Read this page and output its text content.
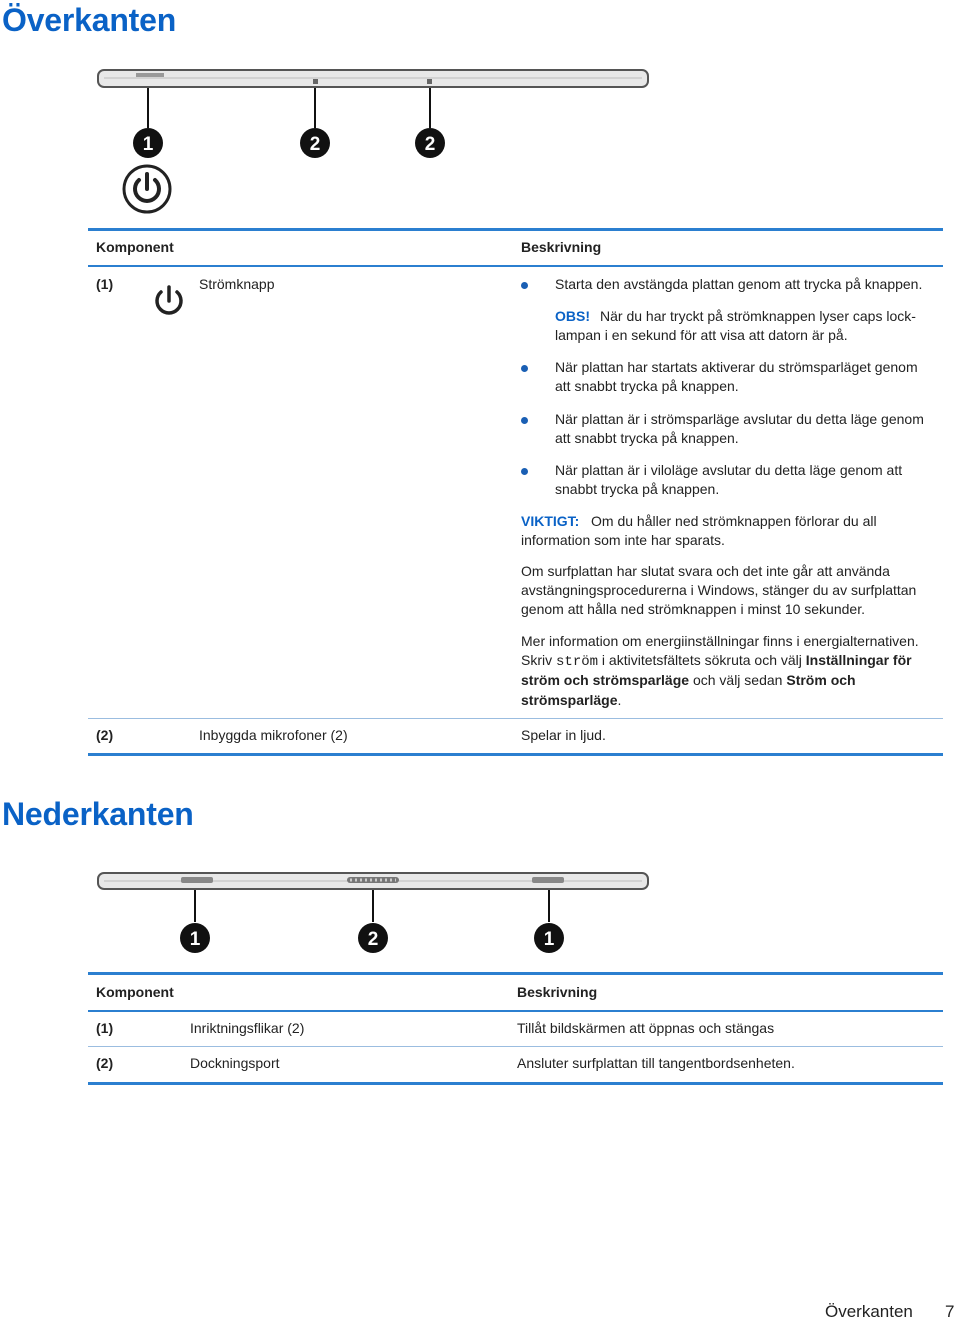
Överkanten
1	2	2
Komponent	Beskrivning
(1)	Strömknapp	Starta den avstängda plattan genom att trycka på knappen.
OBS! När du har tryckt på strömknappen lyser caps lock-
lampan i en sekund för att visa att datorn är på.
När plattan har startats aktiverar du strömsparläget genom
att snabbt trycka på knappen.
När plattan är i strömsparläge avslutar du detta läge genom
att snabbt trycka på knappen.
När plattan är i viloläge avslutar du detta läge genom att
snabbt trycka på knappen.
VIKTIGT: Om du håller ned strömknappen förlorar du all
information som inte har sparats.
Om surfplattan har slutat svara och det inte går att använda
avstängningsprocedurerna i Windows, stänger du av surfplattan
genom att hålla ned strömknappen i minst 10 sekunder.
Mer information om energiinställningar finns i energialternativen.
Skriv ström i aktivitetsfältets sökruta och välj Inställningar för
ström och strömsparläge och välj sedan Ström och
strömsparläge.
(2)	Inbyggda mikrofoner (2)	Spelar in ljud.
Nederkanten
1	2	1
Komponent	Beskrivning
(1)	Inriktningsflikar (2)	Tillåt bildskärmen att öppnas och stängas
(2)	Dockningsport	Ansluter surfplattan till tangentbordsenheten.
Överkanten 7
